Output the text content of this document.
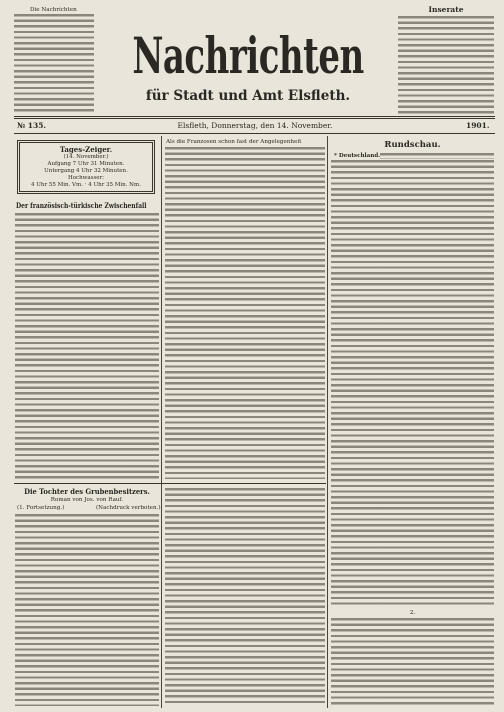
Die Nachrichten
Nachrichten
für Stadt und Amt Elsfleth.
Inserate
№ 135.	Elsfleth, Donnerstag, den 14. November.	1901.
Tages-Zeiger.
(14. November.)
Aufgang 7 Uhr 31 Minuten.
Untergang 4 Uhr 32 Minuten.
Hochwasser:
4 Uhr 55 Min. Vm. · 4 Uhr 35 Min. Nm.
Der französisch-türkische Zwischenfall
Die Tochter des Grubenbesitzers.
Roman von Jos. von Rauf.
(1. Fortsetzung.)	(Nachdruck verboten.)
Als die Franzosen schon fast der Angelegenheit	Rundschau.
* Deutschland.
2.
